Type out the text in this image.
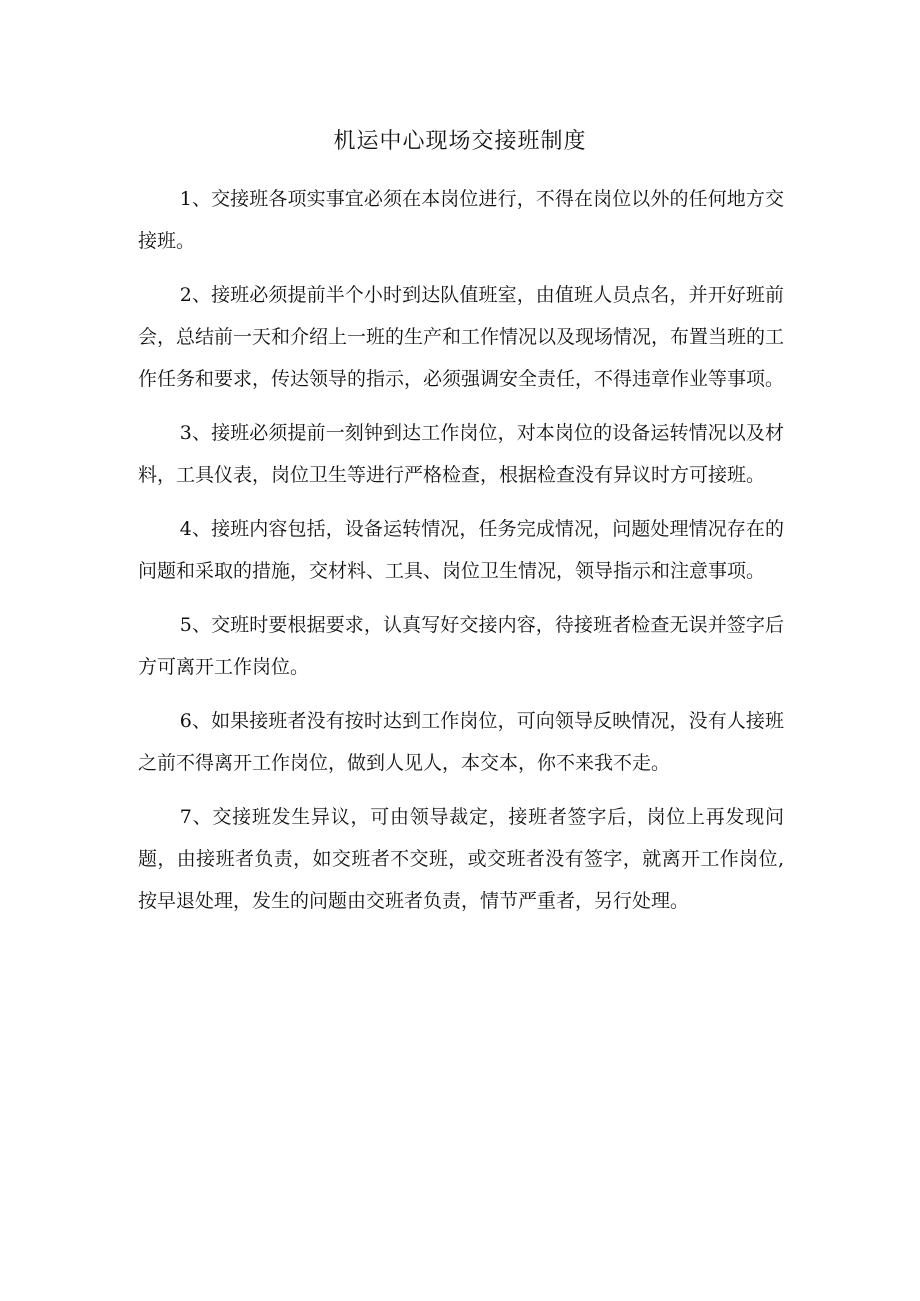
机运中心现场交接班制度

1、交接班各项实事宜必须在本岗位进行，不得在岗位以外的任何地方交接班。

2、接班必须提前半个小时到达队值班室，由值班人员点名，并开好班前会，总结前一天和介绍上一班的生产和工作情况以及现场情况，布置当班的工作任务和要求，传达领导的指示，必须强调安全责任，不得违章作业等事项。

3、接班必须提前一刻钟到达工作岗位，对本岗位的设备运转情况以及材料，工具仪表，岗位卫生等进行严格检查，根据检查没有异议时方可接班。

4、接班内容包括，设备运转情况，任务完成情况，问题处理情况存在的问题和采取的措施，交材料、工具、岗位卫生情况，领导指示和注意事项。

5、交班时要根据要求，认真写好交接内容，待接班者检查无误并签字后方可离开工作岗位。

6、如果接班者没有按时达到工作岗位，可向领导反映情况，没有人接班之前不得离开工作岗位，做到人见人，本交本，你不来我不走。

7、交接班发生异议，可由领导裁定，接班者签字后，岗位上再发现问题，由接班者负责，如交班者不交班，或交班者没有签字，就离开工作岗位,按早退处理，发生的问题由交班者负责，情节严重者，另行处理。
